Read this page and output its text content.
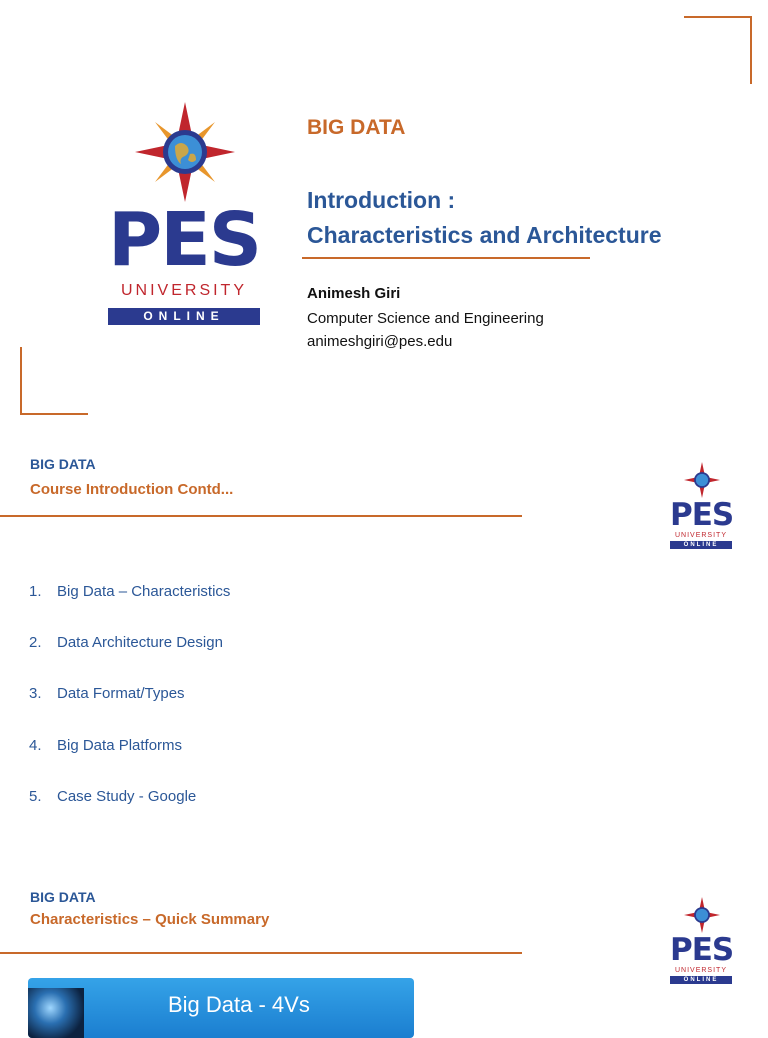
PES
UNIVERSITY
ONLINE
BIG DATA
Introduction :
Characteristics and Architecture
Animesh Giri
Computer Science and Engineering
animeshgiri@pes.edu
BIG DATA
Course Introduction Contd...
PES
UNIVERSITY
ONLINE
1. Big Data – Characteristics
2. Data Architecture Design
3. Data Format/Types
4. Big Data Platforms
5. Case Study - Google
BIG DATA
Characteristics – Quick Summary
PES
UNIVERSITY
ONLINE
Big Data - 4Vs
